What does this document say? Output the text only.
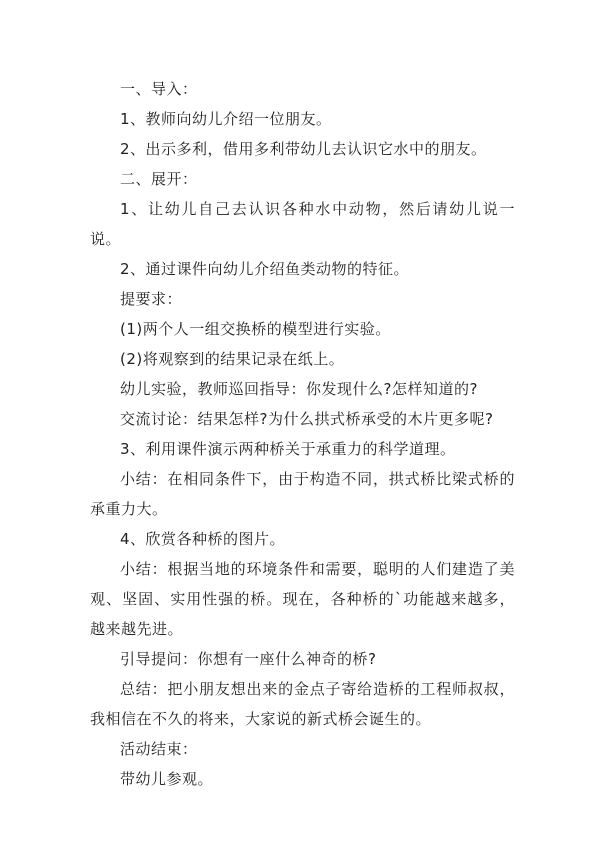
一、导入：

1、教师向幼儿介绍一位朋友。

2、出示多利，借用多利带幼儿去认识它水中的朋友。

二、展开：

1、让幼儿自己去认识各种水中动物，然后请幼儿说一说。

2、通过课件向幼儿介绍鱼类动物的特征。

提要求：

(1)两个人一组交换桥的模型进行实验。

(2)将观察到的结果记录在纸上。

幼儿实验，教师巡回指导：你发现什么?怎样知道的?

交流讨论：结果怎样?为什么拱式桥承受的木片更多呢?

3、利用课件演示两种桥关于承重力的科学道理。

小结：在相同条件下，由于构造不同，拱式桥比梁式桥的承重力大。

4、欣赏各种桥的图片。

小结：根据当地的环境条件和需要，聪明的人们建造了美观、坚固、实用性强的桥。现在，各种桥的`功能越来越多，越来越先进。

引导提问：你想有一座什么神奇的桥?

总结：把小朋友想出来的金点子寄给造桥的工程师叔叔，我相信在不久的将来，大家说的新式桥会诞生的。

活动结束：

带幼儿参观。
